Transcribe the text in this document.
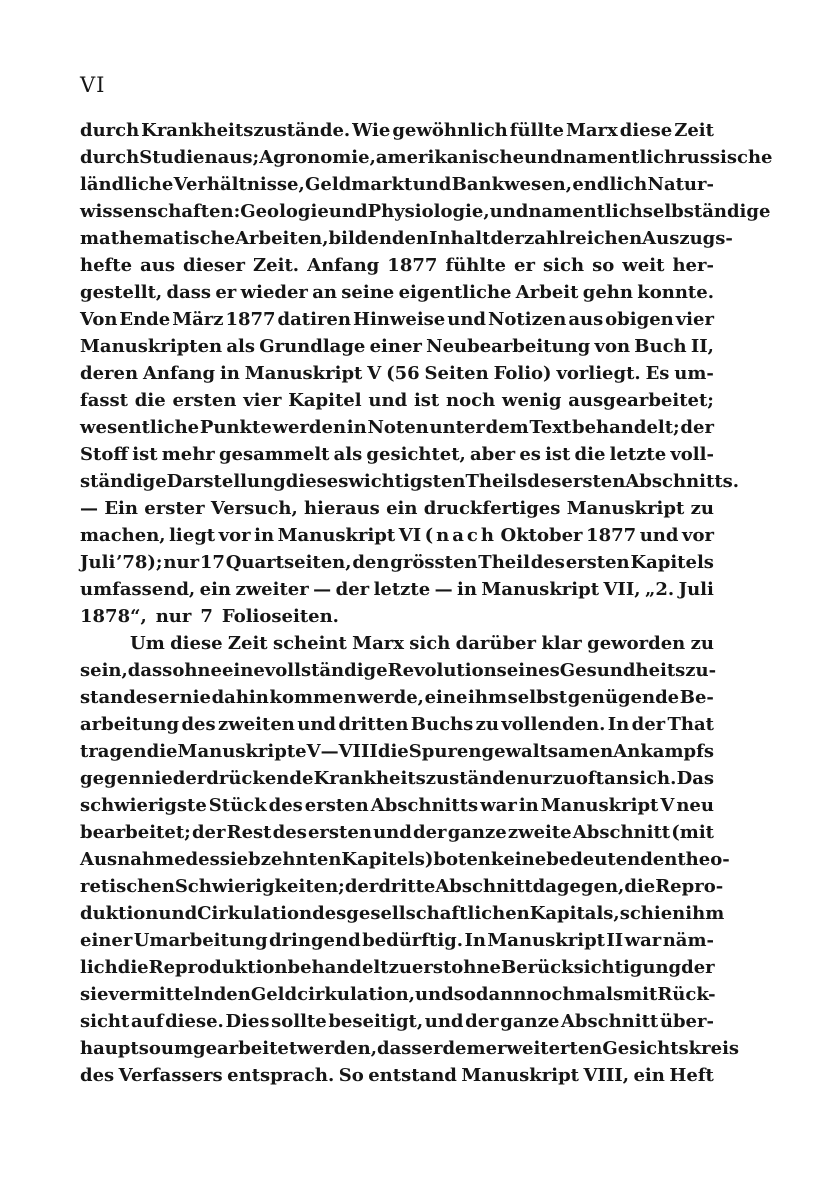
VI
durch Krankheitszustände. Wie gewöhnlich füllte Marx diese Zeit
durch Studien aus; Agronomie, amerikanische und namentlich russische
ländliche Verhältnisse, Geldmarkt und Bankwesen, endlich Natur-
wissenschaften: Geologie und Physiologie, und namentlich selbständige
mathematische Arbeiten, bilden den Inhalt der zahlreichen Auszugs-
hefte aus dieser Zeit. Anfang 1877 fühlte er sich so weit her-
gestellt, dass er wieder an seine eigentliche Arbeit gehn konnte.
Von Ende März 1877 datiren Hinweise und Notizen aus obigen vier
Manuskripten als Grundlage einer Neubearbeitung von Buch II,
deren Anfang in Manuskript V (56 Seiten Folio) vorliegt. Es um-
fasst die ersten vier Kapitel und ist noch wenig ausgearbeitet;
wesentliche Punkte werden in Noten unter dem Text behandelt; der
Stoff ist mehr gesammelt als gesichtet, aber es ist die letzte voll-
ständige Darstellung dieses wichtigsten Theils des ersten Abschnitts.
— Ein erster Versuch, hieraus ein druckfertiges Manuskript zu
machen, liegt vor in Manuskript VI (nach Oktober 1877 und vor
Juli ’78); nur 17 Quartseiten, den grössten Theil des ersten Kapitels
umfassend, ein zweiter — der letzte — in Manuskript VII, „2. Juli
1878“, nur 7 Folioseiten.
Um diese Zeit scheint Marx sich darüber klar geworden zu
sein, dass ohne eine vollständige Revolution seines Gesundheitszu-
standes er nie dahin kommen werde, eine ihm selbst genügende Be-
arbeitung des zweiten und dritten Buchs zu vollenden. In der That
tragen die Manuskripte V—VIII die Spuren gewaltsamen Ankampfs
gegen niederdrückende Krankheitszustände nur zu oft an sich. Das
schwierigste Stück des ersten Abschnitts war in Manuskript V neu
bearbeitet; der Rest des ersten und der ganze zweite Abschnitt (mit
Ausnahme des siebzehnten Kapitels) boten keine bedeutenden theo-
retischen Schwierigkeiten; der dritte Abschnitt dagegen, die Repro-
duktion und Cirkulation des gesellschaftlichen Kapitals, schien ihm
einer Umarbeitung dringend bedürftig. In Manuskript II war näm-
lich die Reproduktion behandelt zuerst ohne Berücksichtigung der
sie vermittelnden Geldcirkulation, und sodann nochmals mit Rück-
sicht auf diese. Dies sollte beseitigt, und der ganze Abschnitt über-
haupt so umgearbeitet werden, dass er dem erweiterten Gesichtskreis
des Verfassers entsprach. So entstand Manuskript VIII, ein Heft
